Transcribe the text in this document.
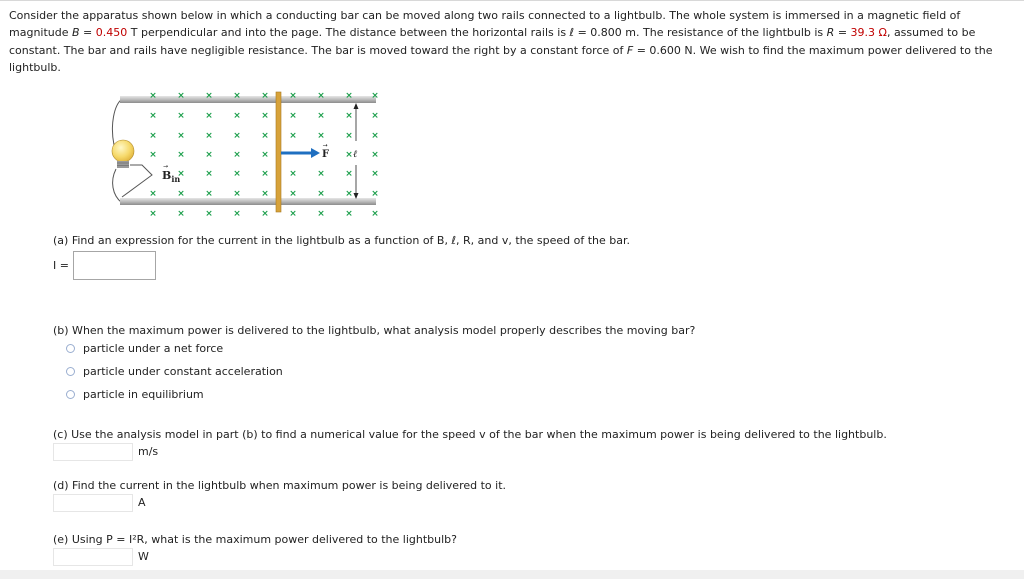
Consider the apparatus shown below in which a conducting bar can be moved along two rails connected to a lightbulb. The whole system is immersed in a magnetic field of magnitude B = 0.450 T perpendicular and into the page. The distance between the horizontal rails is ℓ = 0.800 m. The resistance of the lightbulb is R = 39.3 Ω, assumed to be constant. The bar and rails have negligible resistance. The bar is moved toward the right by a constant force of F = 0.600 N. We wish to find the maximum power delivered to the lightbulb.
× × × × × × × × ×
× × × × × × × × ×
× × × × × × × × ×
× × × × ×	× ×
× × × × × × × ×
× × × × × × × × ×
× × × × × × × × ×
F
→
ℓ
$B_{in}$
→
(a) Find an expression for the current in the lightbulb as a function of B, ℓ, R, and v, the speed of the bar.
I =
(b) When the maximum power is delivered to the lightbulb, what analysis model properly describes the moving bar?
particle under a net force
particle under constant acceleration
particle in equilibrium
(c) Use the analysis model in part (b) to find a numerical value for the speed v of the bar when the maximum power is being delivered to the lightbulb.
m/s
(d) Find the current in the lightbulb when maximum power is being delivered to it.
A
(e) Using P = I²R, what is the maximum power delivered to the lightbulb?
W
